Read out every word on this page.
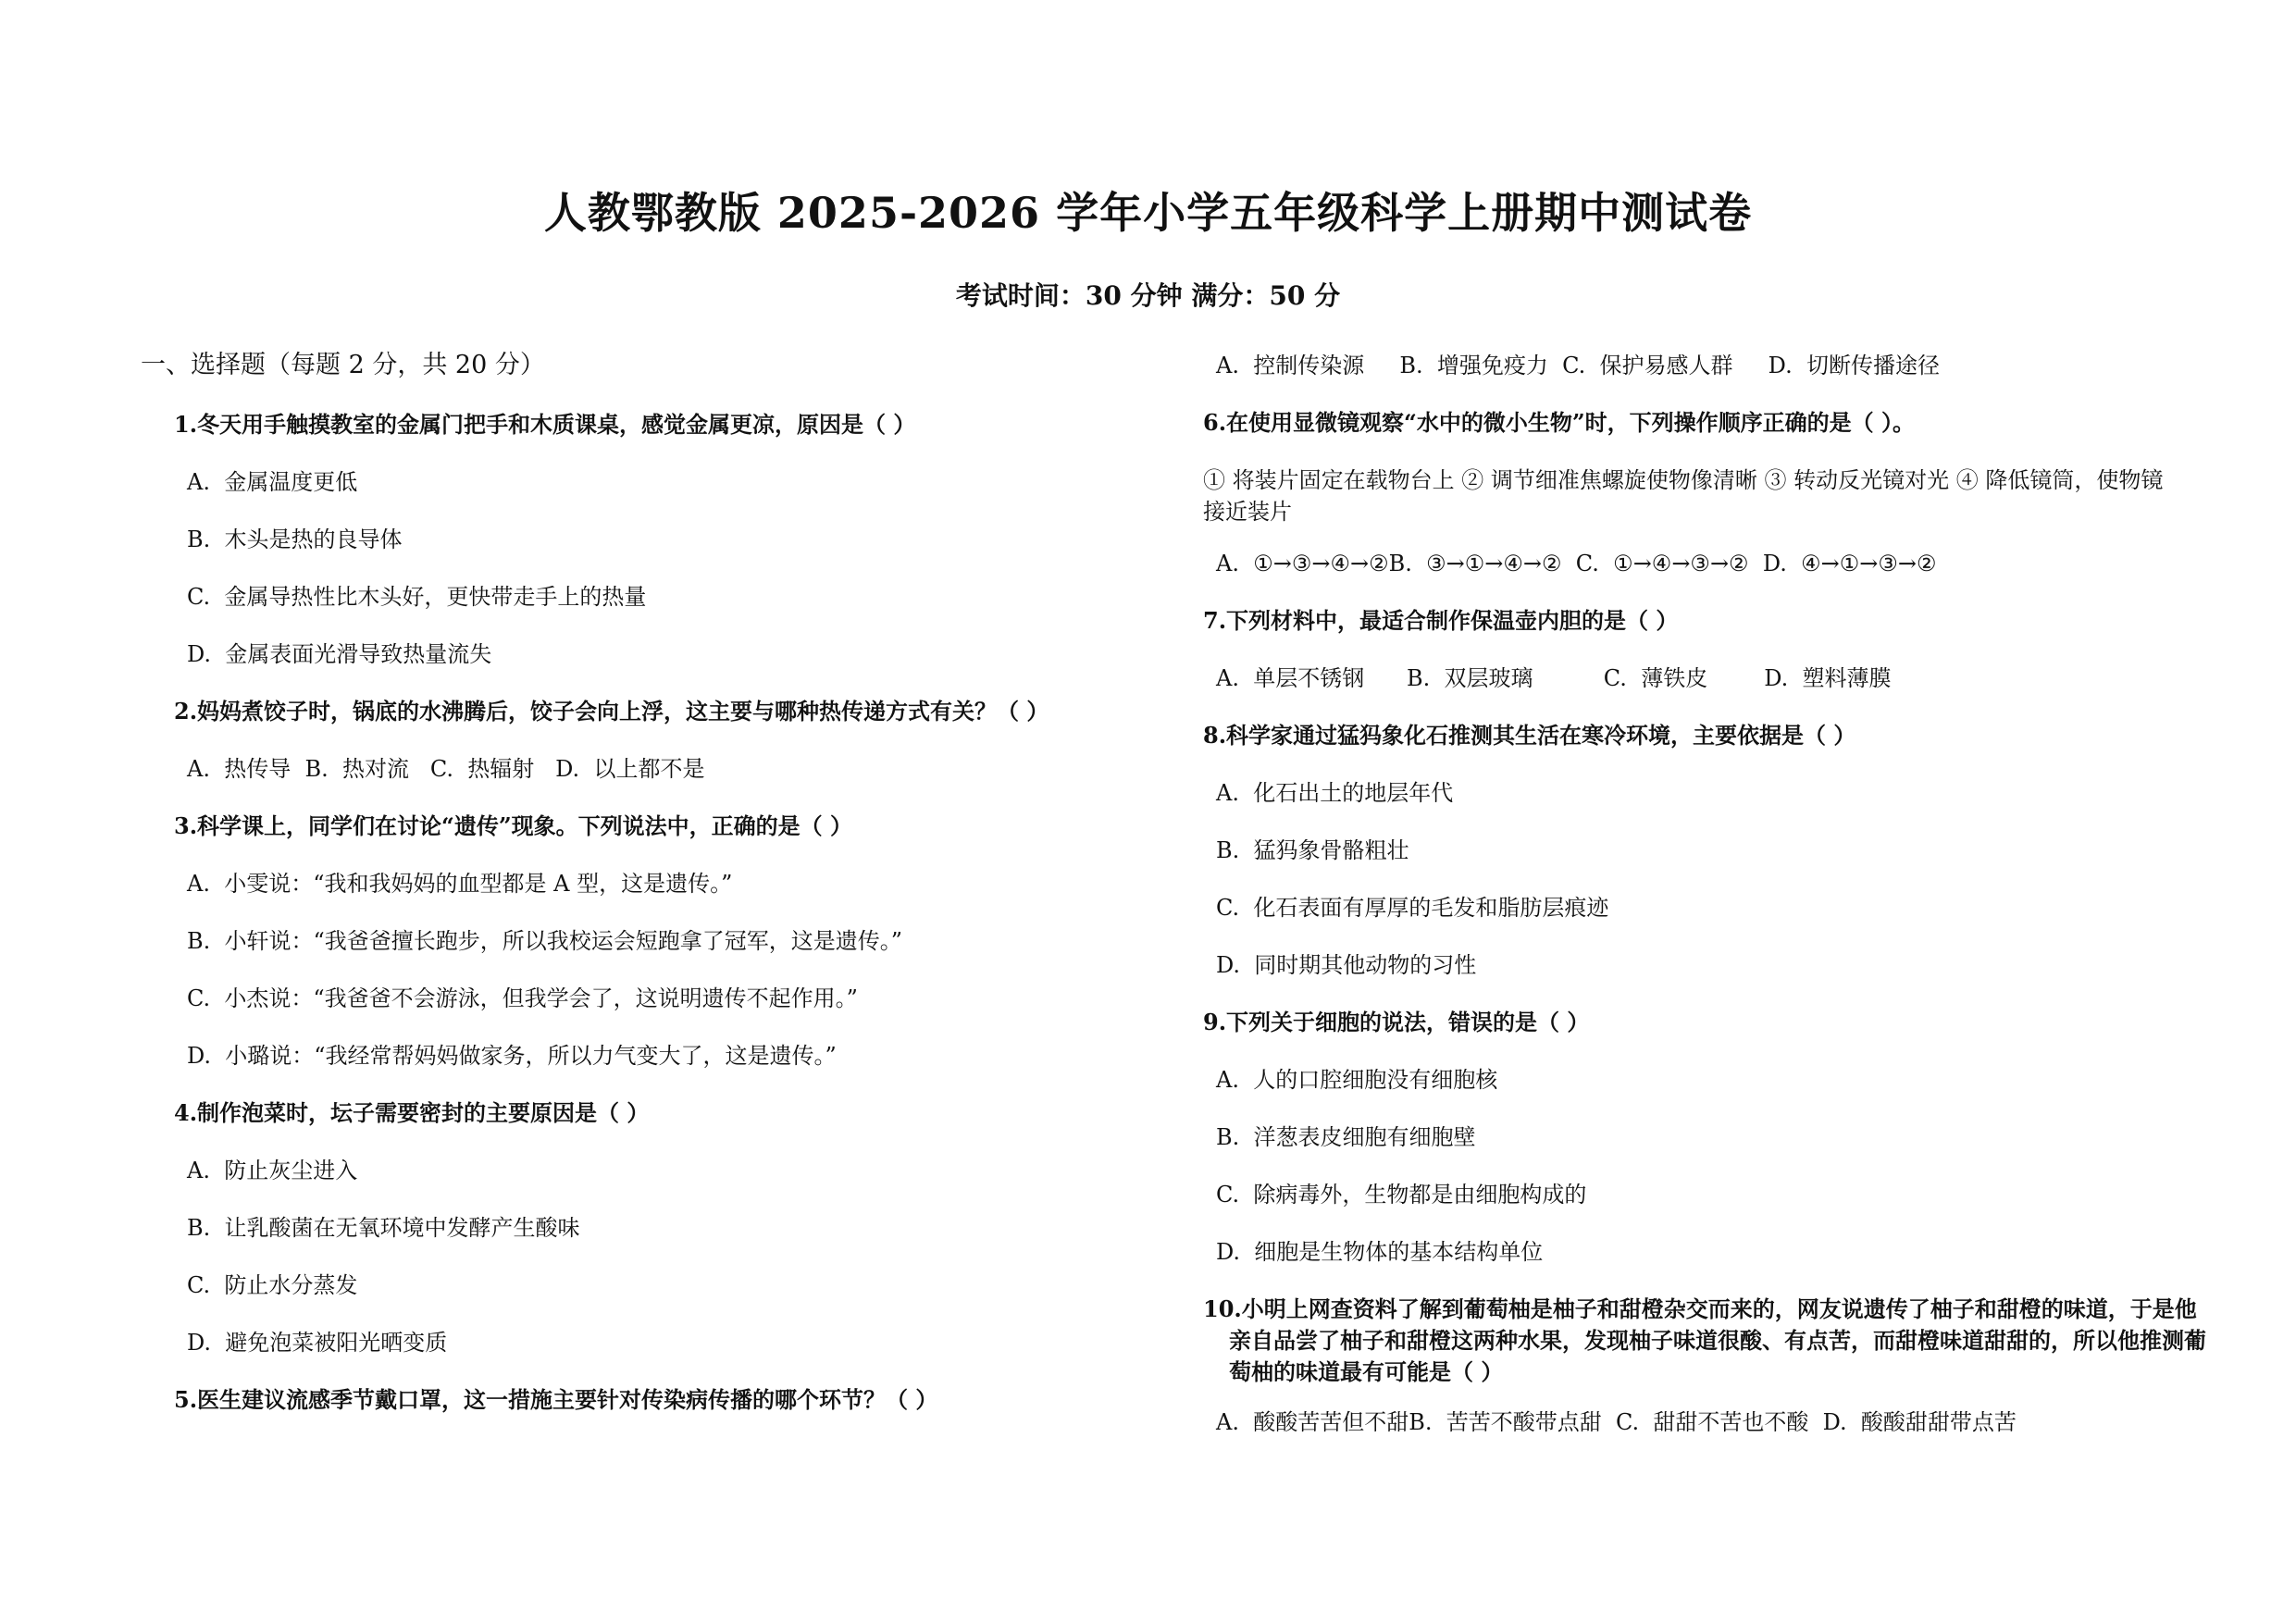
人教鄂教版 2025-2026 学年小学五年级科学上册期中测试卷
考试时间：30 分钟 满分：50 分
一、选择题（每题 2 分，共 20 分）
1.冬天用手触摸教室的金属门把手和木质课桌，感觉金属更凉，原因是（ ）
A.  金属温度更低
B.  木头是热的良导体
C.  金属导热性比木头好，更快带走手上的热量
D.  金属表面光滑导致热量流失
2.妈妈煮饺子时，锅底的水沸腾后，饺子会向上浮，这主要与哪种热传递方式有关？（ ）
A.  热传导  B.  热对流   C.  热辐射   D.  以上都不是
3.科学课上，同学们在讨论“遗传”现象。下列说法中，正确的是（ ）
A.  小雯说：“我和我妈妈的血型都是 A 型，这是遗传。”
B.  小轩说：“我爸爸擅长跑步，所以我校运会短跑拿了冠军，这是遗传。”
C.  小杰说：“我爸爸不会游泳，但我学会了，这说明遗传不起作用。”
D.  小璐说：“我经常帮妈妈做家务，所以力气变大了，这是遗传。”
4.制作泡菜时，坛子需要密封的主要原因是（ ）
A.  防止灰尘进入
B.  让乳酸菌在无氧环境中发酵产生酸味
C.  防止水分蒸发
D.  避免泡菜被阳光晒变质
5.医生建议流感季节戴口罩，这一措施主要针对传染病传播的哪个环节？（ ）
A.  控制传染源     B.  增强免疫力  C.  保护易感人群     D.  切断传播途径
6.在使用显微镜观察“水中的微小生物”时，下列操作顺序正确的是（ ）。
① 将装片固定在载物台上 ② 调节细准焦螺旋使物像清晰 ③ 转动反光镜对光 ④ 降低镜筒，使物镜接近装片
A.  ①→③→④→②B.  ③→①→④→②  C.  ①→④→③→②  D.  ④→①→③→②
7.下列材料中，最适合制作保温壶内胆的是（ ）
A.  单层不锈钢      B.  双层玻璃          C.  薄铁皮        D.  塑料薄膜
8.科学家通过猛犸象化石推测其生活在寒冷环境，主要依据是（ ）
A.  化石出土的地层年代
B.  猛犸象骨骼粗壮
C.  化石表面有厚厚的毛发和脂肪层痕迹
D.  同时期其他动物的习性
9.下列关于细胞的说法，错误的是（ ）
A.  人的口腔细胞没有细胞核
B.  洋葱表皮细胞有细胞壁
C.  除病毒外，生物都是由细胞构成的
D.  细胞是生物体的基本结构单位
10.小明上网查资料了解到葡萄柚是柚子和甜橙杂交而来的，网友说遗传了柚子和甜橙的味道，于是他亲自品尝了柚子和甜橙这两种水果，发现柚子味道很酸、有点苦，而甜橙味道甜甜的，所以他推测葡萄柚的味道最有可能是（ ）
A.  酸酸苦苦但不甜B.  苦苦不酸带点甜  C.  甜甜不苦也不酸  D.  酸酸甜甜带点苦
